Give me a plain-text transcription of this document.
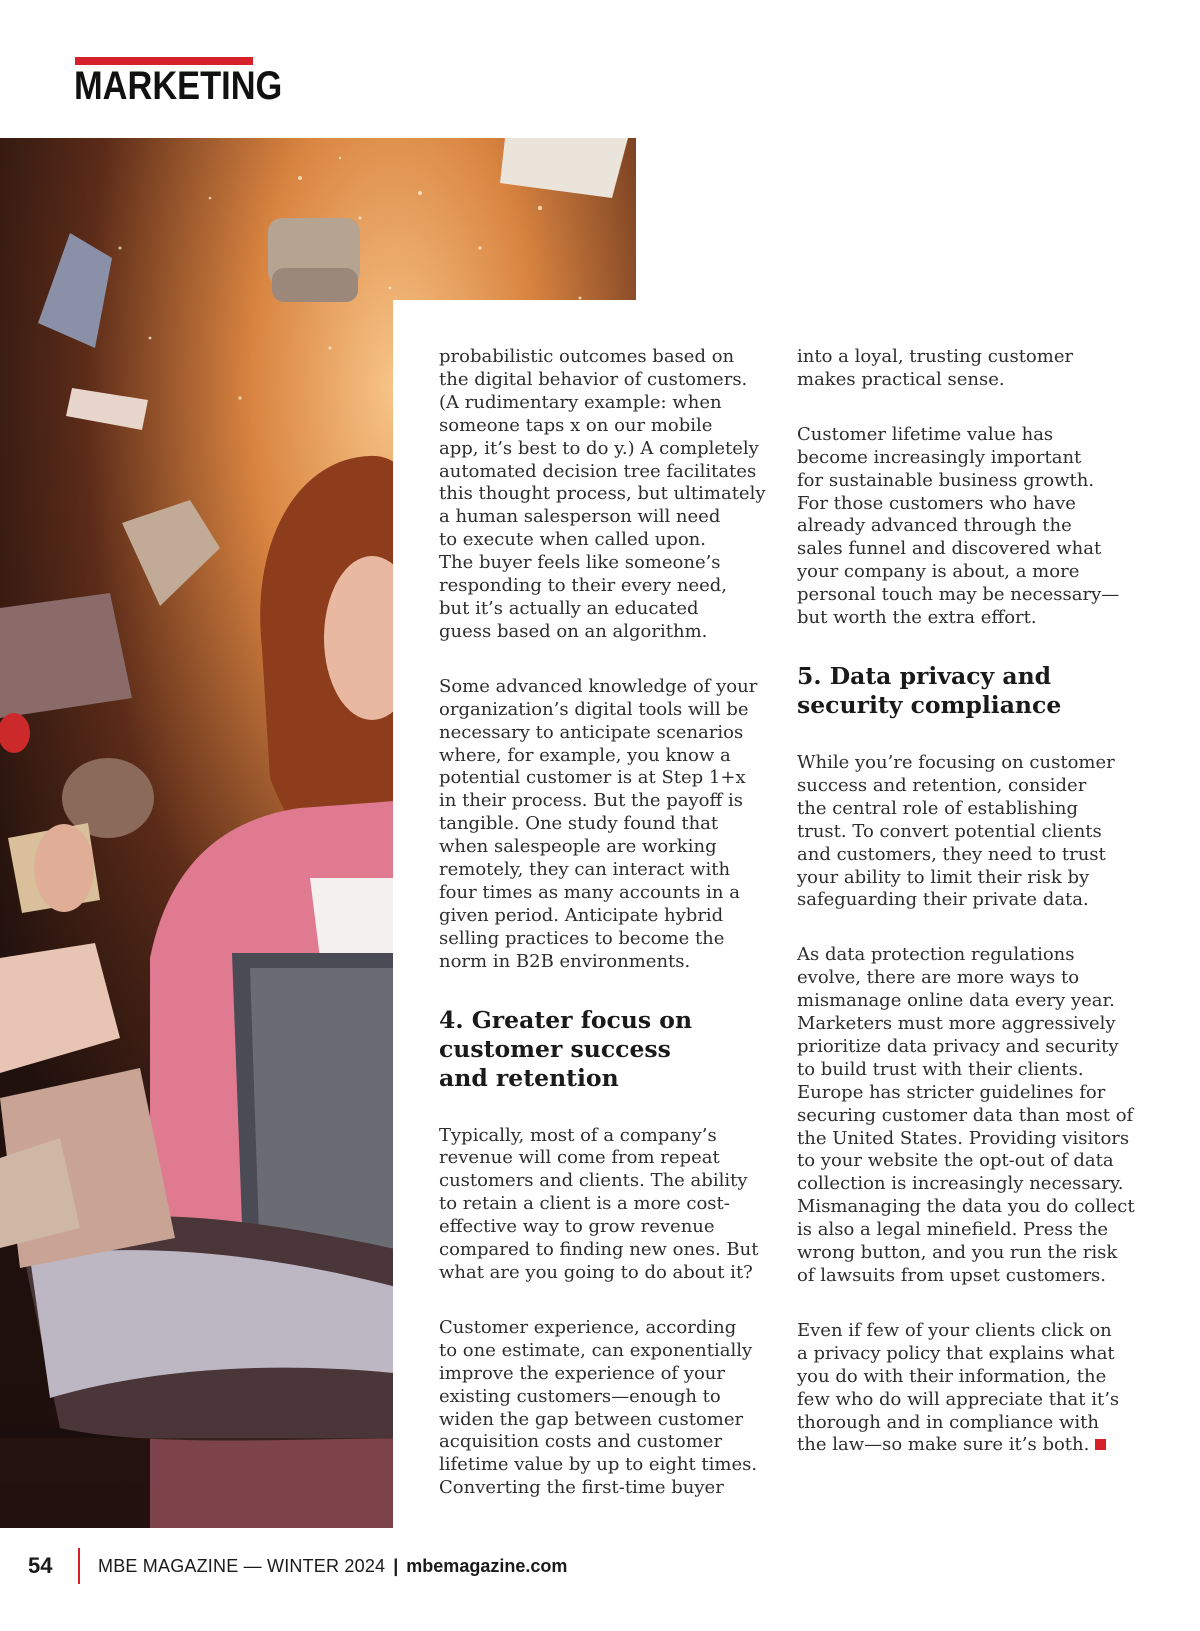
MARKETING

probabilistic outcomes based on
the digital behavior of customers.
(A rudimentary example: when
someone taps x on our mobile
app, it’s best to do y.) A completely
automated decision tree facilitates
this thought process, but ultimately
a human salesperson will need
to execute when called upon.
The buyer feels like someone’s
responding to their every need,
but it’s actually an educated
guess based on an algorithm.

Some advanced knowledge of your
organization’s digital tools will be
necessary to anticipate scenarios
where, for example, you know a
potential customer is at Step 1+x
in their process. But the payoff is
tangible. One study found that
when salespeople are working
remotely, they can interact with
four times as many accounts in a
given period. Anticipate hybrid
selling practices to become the
norm in B2B environments.

4. Greater focus on
customer success
and retention

Typically, most of a company’s
revenue will come from repeat
customers and clients. The ability
to retain a client is a more cost-
effective way to grow revenue
compared to finding new ones. But
what are you going to do about it?

Customer experience, according
to one estimate, can exponentially
improve the experience of your
existing customers—enough to
widen the gap between customer
acquisition costs and customer
lifetime value by up to eight times.
Converting the first-time buyer

into a loyal, trusting customer
makes practical sense.

Customer lifetime value has
become increasingly important
for sustainable business growth.
For those customers who have
already advanced through the
sales funnel and discovered what
your company is about, a more
personal touch may be necessary—
but worth the extra effort.

5. Data privacy and
security compliance

While you’re focusing on customer
success and retention, consider
the central role of establishing
trust. To convert potential clients
and customers, they need to trust
your ability to limit their risk by
safeguarding their private data.

As data protection regulations
evolve, there are more ways to
mismanage online data every year.
Marketers must more aggressively
prioritize data privacy and security
to build trust with their clients.
Europe has stricter guidelines for
securing customer data than most of
the United States. Providing visitors
to your website the opt-out of data
collection is increasingly necessary.
Mismanaging the data you do collect
is also a legal minefield. Press the
wrong button, and you run the risk
of lawsuits from upset customers.

Even if few of your clients click on
a privacy policy that explains what
you do with their information, the
few who do will appreciate that it’s
thorough and in compliance with
the law—so make sure it’s both.

54	MBE MAGAZINE — WINTER 2024 | mbemagazine.com
